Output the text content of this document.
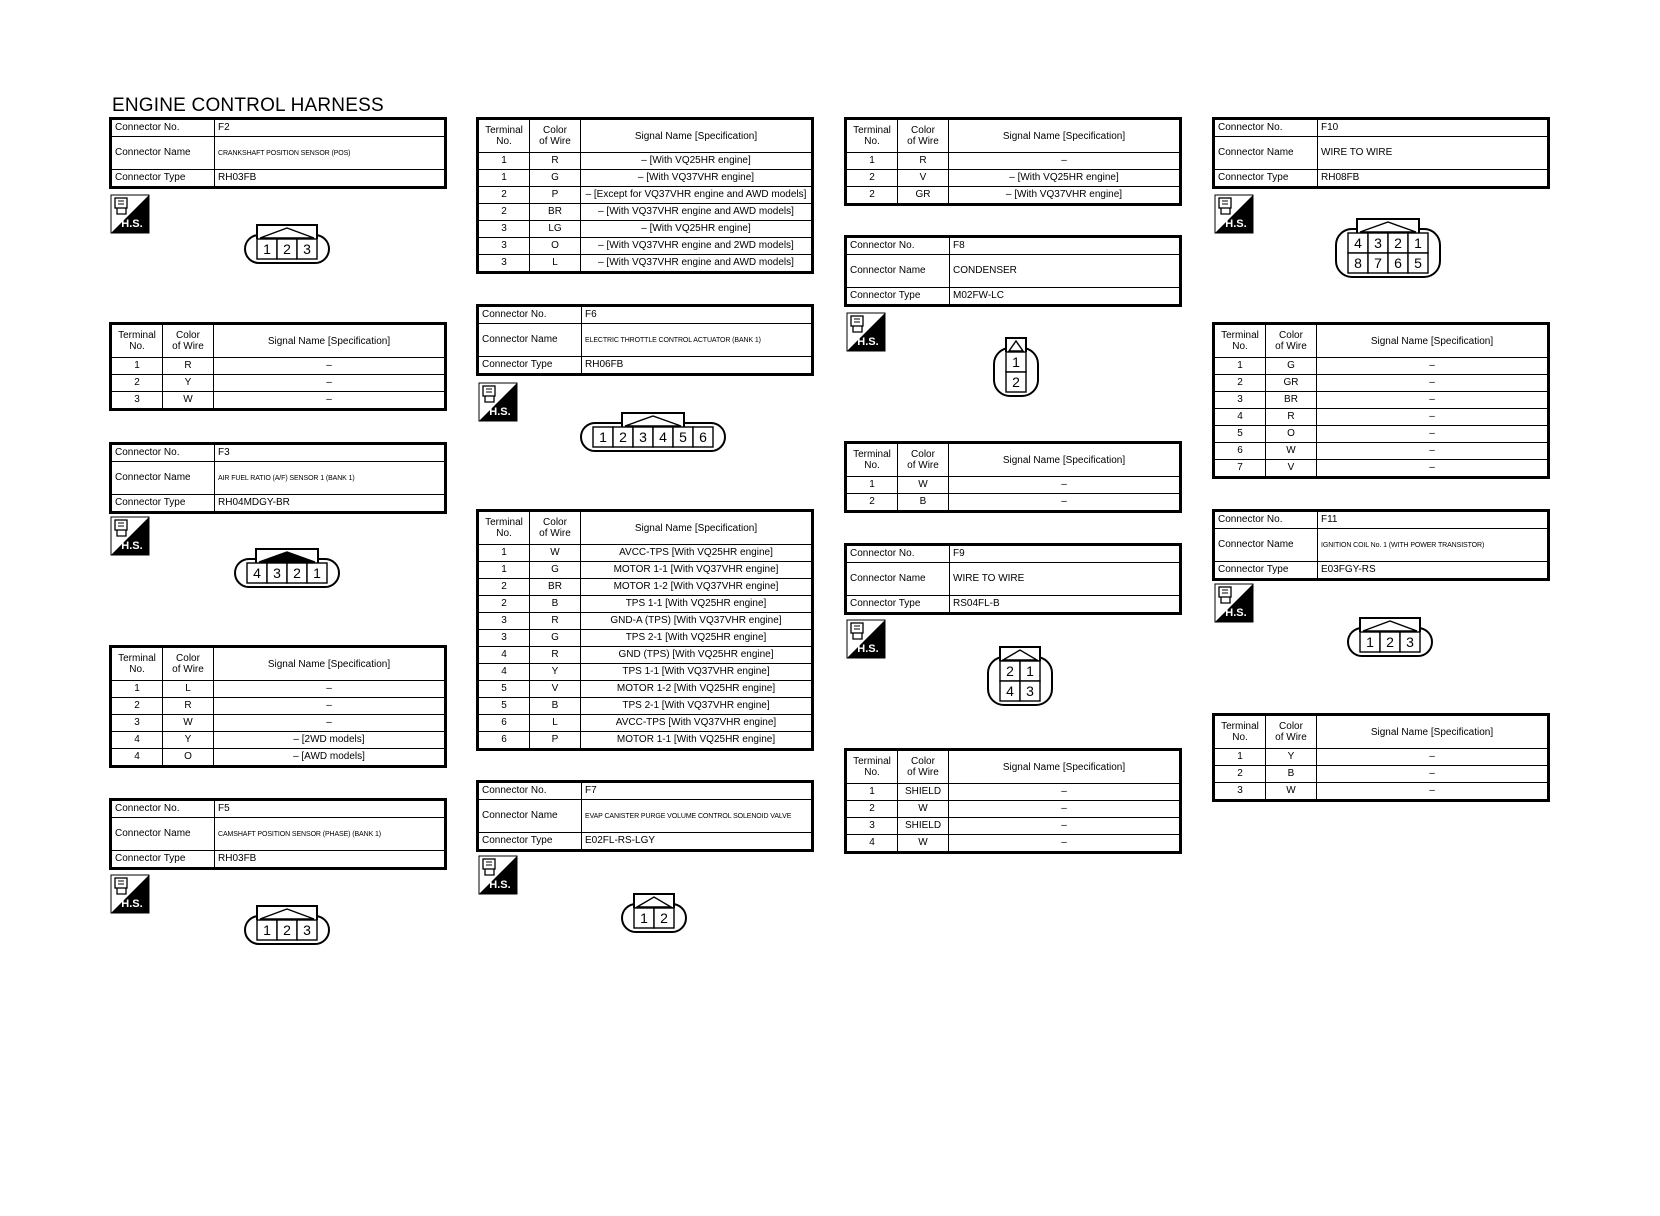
ENGINE CONTROL HARNESS
Connector No.	F2
Connector Name	CRANKSHAFT POSITION SENSOR (POS)
Connector Type	RH03FB
H.S.
1 2 3
Terminal
No.	Color
of Wire	Signal Name [Specification]
1	R	–
2	Y	–
3	W	–
Connector No.	F3
Connector Name	AIR FUEL RATIO (A/F) SENSOR 1 (BANK 1)
Connector Type	RH04MDGY-BR
H.S.
4 3 2 1
Terminal
No.	Color
of Wire	Signal Name [Specification]
1	L	–
2	R	–
3	W	–
4	Y	– [2WD models]
4	O	– [AWD models]
Connector No.	F5
Connector Name	CAMSHAFT POSITION SENSOR (PHASE) (BANK 1)
Connector Type	RH03FB
H.S.
1 2 3
Terminal
No.	Color
of Wire	Signal Name [Specification]
1	R	– [With VQ25HR engine]
1	G	– [With VQ37VHR engine]
2	P	– [Except for VQ37VHR engine and AWD models]
2	BR	– [With VQ37VHR engine and AWD models]
3	LG	– [With VQ25HR engine]
3	O	– [With VQ37VHR engine and 2WD models]
3	L	– [With VQ37VHR engine and AWD models]
Connector No.	F6
Connector Name	ELECTRIC THROTTLE CONTROL ACTUATOR (BANK 1)
Connector Type	RH06FB
H.S.
1 2 3 4 5 6
Terminal
No.	Color
of Wire	Signal Name [Specification]
1	W	AVCC-TPS [With VQ25HR engine]
1	G	MOTOR 1-1 [With VQ37VHR engine]
2	BR	MOTOR 1-2 [With VQ37VHR engine]
2	B	TPS 1-1 [With VQ25HR engine]
3	R	GND-A (TPS) [With VQ37VHR engine]
3	G	TPS 2-1 [With VQ25HR engine]
4	R	GND (TPS) [With VQ25HR engine]
4	Y	TPS 1-1 [With VQ37VHR engine]
5	V	MOTOR 1-2 [With VQ25HR engine]
5	B	TPS 2-1 [With VQ37VHR engine]
6	L	AVCC-TPS [With VQ37VHR engine]
6	P	MOTOR 1-1 [With VQ25HR engine]
Connector No.	F7
Connector Name	EVAP CANISTER PURGE VOLUME CONTROL SOLENOID VALVE
Connector Type	E02FL-RS-LGY
H.S.
1 2
Terminal
No.	Color
of Wire	Signal Name [Specification]
1	R	–
2	V	– [With VQ25HR engine]
2	GR	– [With VQ37VHR engine]
Connector No.	F8
Connector Name	CONDENSER
Connector Type	M02FW-LC
H.S.
1
2
Terminal
No.	Color
of Wire	Signal Name [Specification]
1	W	–
2	B	–
Connector No.	F9
Connector Name	WIRE TO WIRE
Connector Type	RS04FL-B
H.S.
2 1
4 3
Terminal
No.	Color
of Wire	Signal Name [Specification]
1	SHIELD	–
2	W	–
3	SHIELD	–
4	W	–
Connector No.	F10
Connector Name	WIRE TO WIRE
Connector Type	RH08FB
H.S.
4 3 2 1
8 7 6 5
Terminal
No.	Color
of Wire	Signal Name [Specification]
1	G	–
2	GR	–
3	BR	–
4	R	–
5	O	–
6	W	–
7	V	–
Connector No.	F11
Connector Name	IGNITION COIL No. 1 (WITH POWER TRANSISTOR)
Connector Type	E03FGY-RS
H.S.
1 2 3
Terminal
No.	Color
of Wire	Signal Name [Specification]
1	Y	–
2	B	–
3	W	–
